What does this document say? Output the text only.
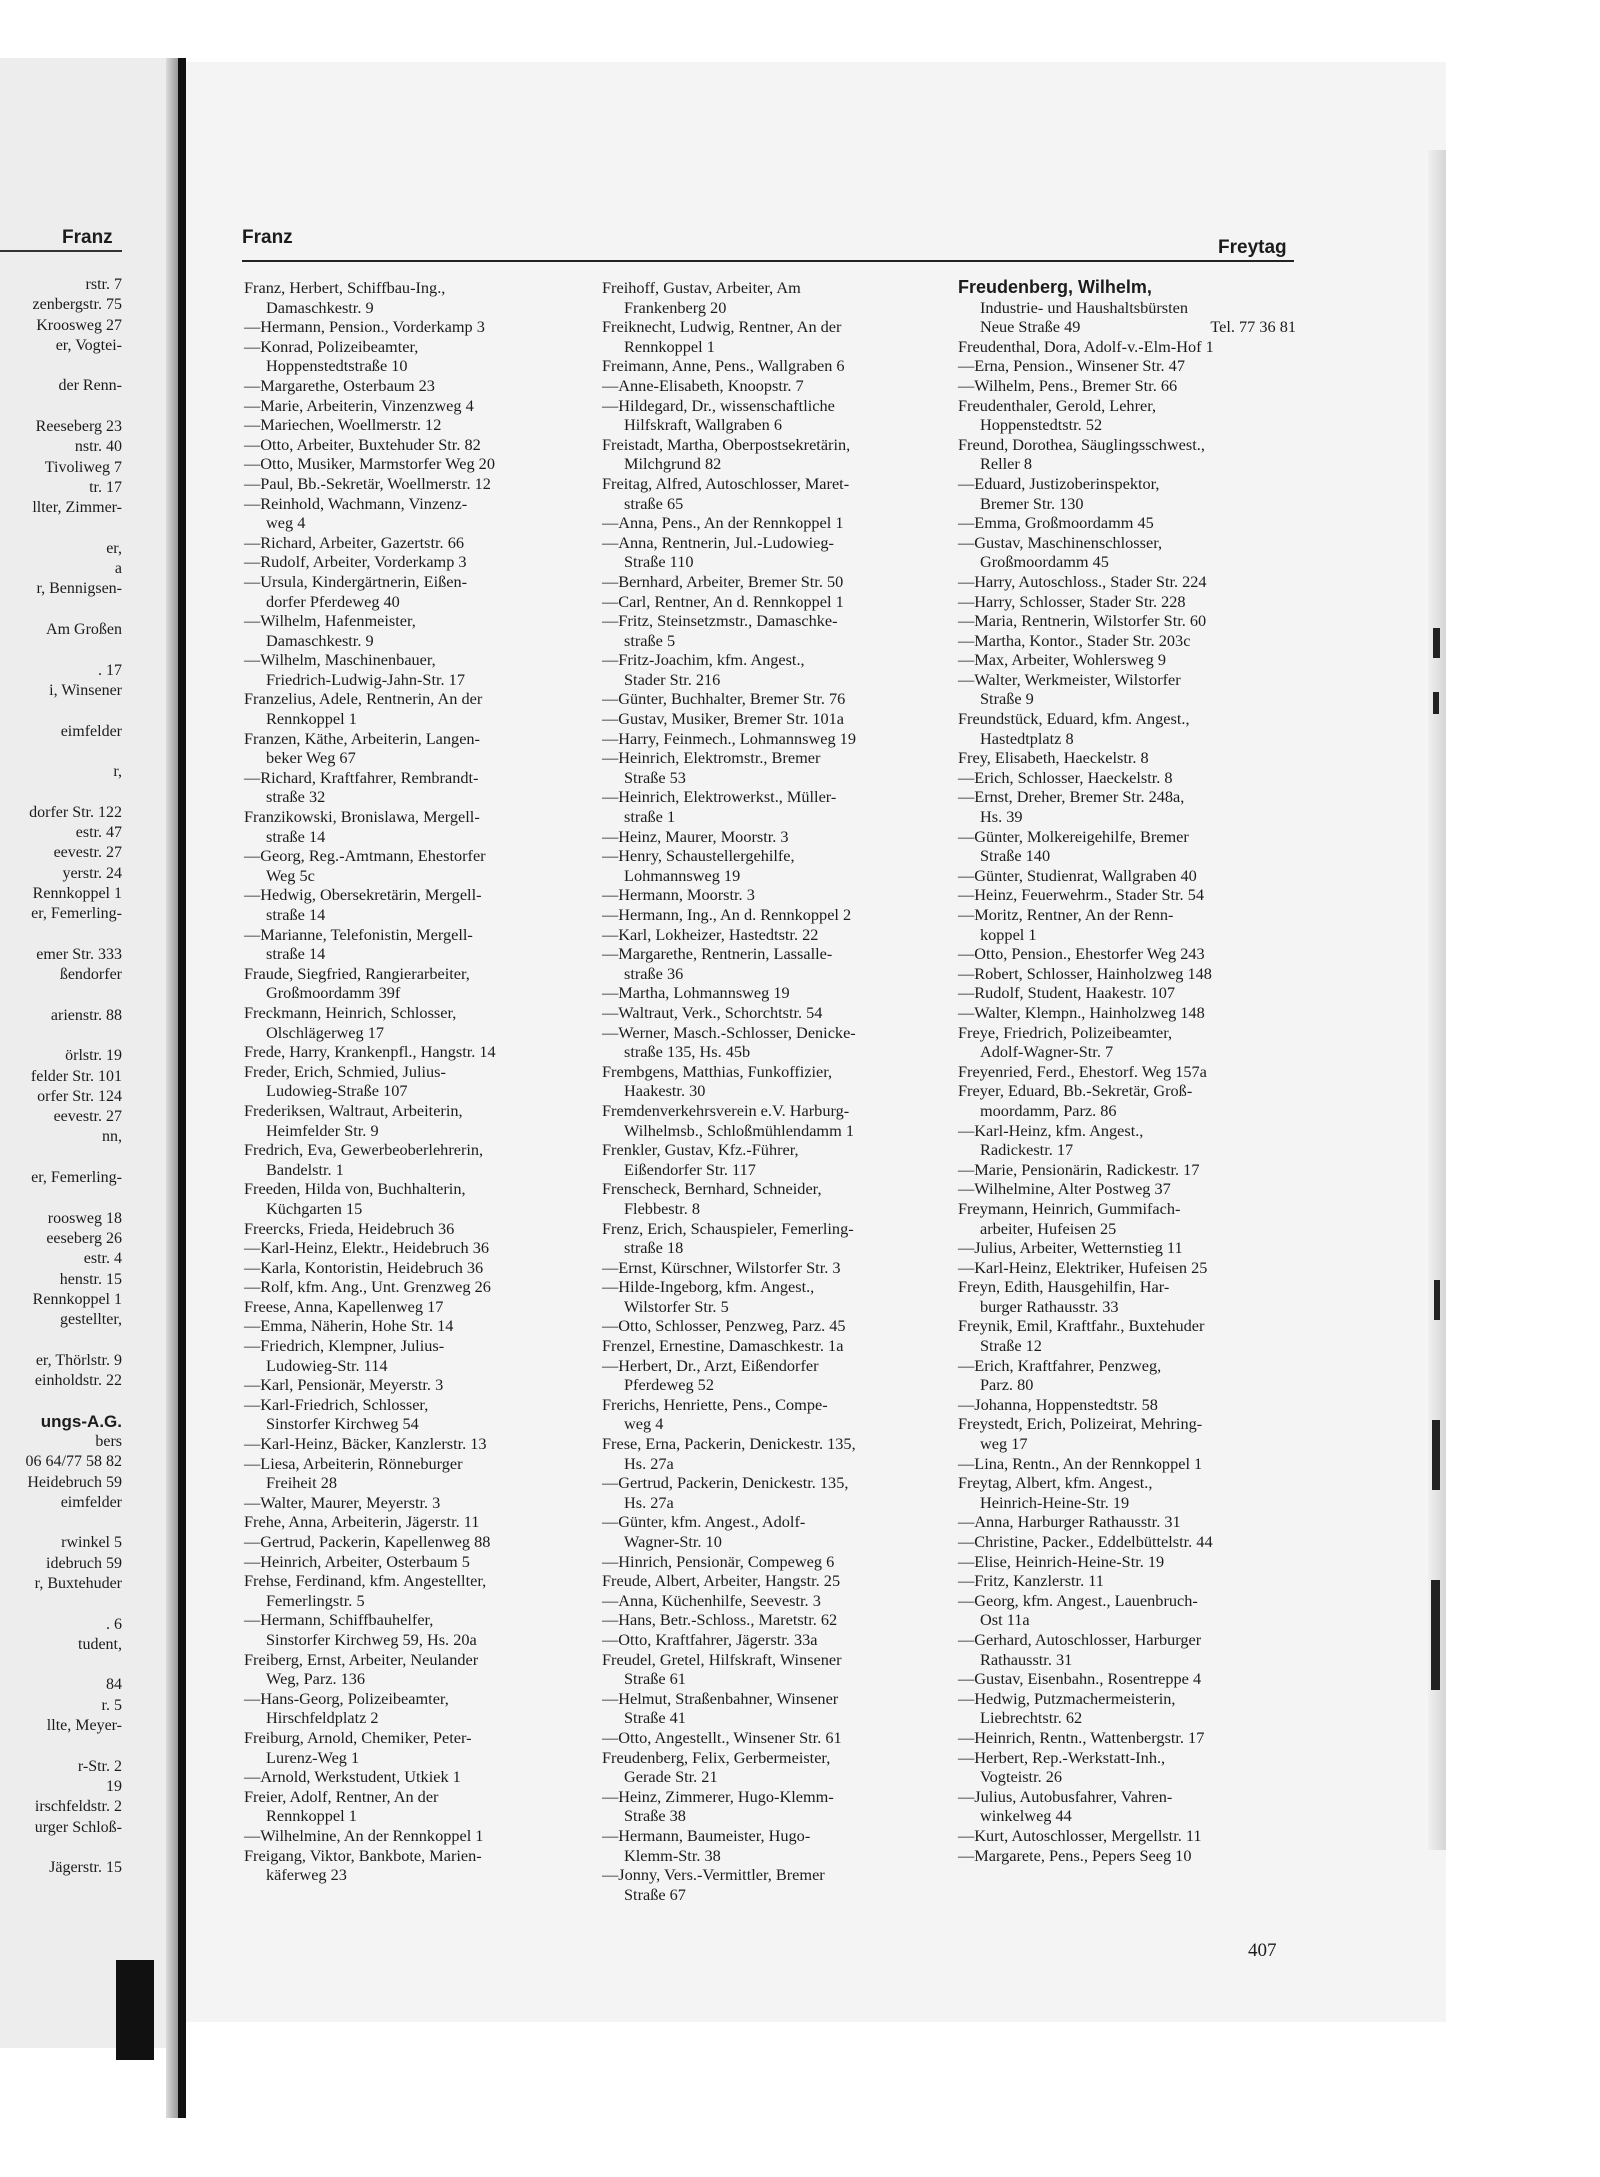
Franz
rstr. 7
zenbergstr. 75
Kroosweg 27
er, Vogtei-

der Renn-

Reeseberg 23
nstr. 40
Tivoliweg 7
tr. 17
llter, Zimmer-

er,
a
r, Bennigsen-

Am Großen

. 17
i, Winsener

eimfelder

r,

dorfer Str. 122
estr. 47
eevestr. 27
yerstr. 24
Rennkoppel 1
er, Femerling-

emer Str. 333
ßendorfer

arienstr. 88

örlstr. 19
felder Str. 101
orfer Str. 124
eevestr. 27
nn,

er, Femerling-

roosweg 18
eeseberg 26
estr. 4
henstr. 15
Rennkoppel 1
gestellter,

er, Thörlstr. 9
einholdstr. 22

ungs-A.G.
bers
06 64/77 58 82
Heidebruch 59
eimfelder

rwinkel 5
idebruch 59
r, Buxtehuder

. 6
tudent,

84
r. 5
llte, Meyer-

r-Str. 2
19
irschfeldstr. 2
urger Schloß-

Jägerstr. 15
Franz	Freytag
Franz, Herbert, Schiffbau-Ing.,
Damaschkestr. 9
—Hermann, Pension., Vorderkamp 3
—Konrad, Polizeibeamter,
Hoppenstedtstraße 10
—Margarethe, Osterbaum 23
—Marie, Arbeiterin, Vinzenzweg 4
—Mariechen, Woellmerstr. 12
—Otto, Arbeiter, Buxtehuder Str. 82
—Otto, Musiker, Marmstorfer Weg 20
—Paul, Bb.-Sekretär, Woellmerstr. 12
—Reinhold, Wachmann, Vinzenz-
weg 4
—Richard, Arbeiter, Gazertstr. 66
—Rudolf, Arbeiter, Vorderkamp 3
—Ursula, Kindergärtnerin, Eißen-
dorfer Pferdeweg 40
—Wilhelm, Hafenmeister,
Damaschkestr. 9
—Wilhelm, Maschinenbauer,
Friedrich-Ludwig-Jahn-Str. 17
Franzelius, Adele, Rentnerin, An der
Rennkoppel 1
Franzen, Käthe, Arbeiterin, Langen-
beker Weg 67
—Richard, Kraftfahrer, Rembrandt-
straße 32
Franzikowski, Bronislawa, Mergell-
straße 14
—Georg, Reg.-Amtmann, Ehestorfer
Weg 5c
—Hedwig, Obersekretärin, Mergell-
straße 14
—Marianne, Telefonistin, Mergell-
straße 14
Fraude, Siegfried, Rangierarbeiter,
Großmoordamm 39f
Freckmann, Heinrich, Schlosser,
Olschlägerweg 17
Frede, Harry, Krankenpfl., Hangstr. 14
Freder, Erich, Schmied, Julius-
Ludowieg-Straße 107
Frederiksen, Waltraut, Arbeiterin,
Heimfelder Str. 9
Fredrich, Eva, Gewerbeoberlehrerin,
Bandelstr. 1
Freeden, Hilda von, Buchhalterin,
Küchgarten 15
Freercks, Frieda, Heidebruch 36
—Karl-Heinz, Elektr., Heidebruch 36
—Karla, Kontoristin, Heidebruch 36
—Rolf, kfm. Ang., Unt. Grenzweg 26
Freese, Anna, Kapellenweg 17
—Emma, Näherin, Hohe Str. 14
—Friedrich, Klempner, Julius-
Ludowieg-Str. 114
—Karl, Pensionär, Meyerstr. 3
—Karl-Friedrich, Schlosser,
Sinstorfer Kirchweg 54
—Karl-Heinz, Bäcker, Kanzlerstr. 13
—Liesa, Arbeiterin, Rönneburger
Freiheit 28
—Walter, Maurer, Meyerstr. 3
Frehe, Anna, Arbeiterin, Jägerstr. 11
—Gertrud, Packerin, Kapellenweg 88
—Heinrich, Arbeiter, Osterbaum 5
Frehse, Ferdinand, kfm. Angestellter,
Femerlingstr. 5
—Hermann, Schiffbauhelfer,
Sinstorfer Kirchweg 59, Hs. 20a
Freiberg, Ernst, Arbeiter, Neulander
Weg, Parz. 136
—Hans-Georg, Polizeibeamter,
Hirschfeldplatz 2
Freiburg, Arnold, Chemiker, Peter-
Lurenz-Weg 1
—Arnold, Werkstudent, Utkiek 1
Freier, Adolf, Rentner, An der
Rennkoppel 1
—Wilhelmine, An der Rennkoppel 1
Freigang, Viktor, Bankbote, Marien-
käferweg 23
Freihoff, Gustav, Arbeiter, Am
Frankenberg 20
Freiknecht, Ludwig, Rentner, An der
Rennkoppel 1
Freimann, Anne, Pens., Wallgraben 6
—Anne-Elisabeth, Knoopstr. 7
—Hildegard, Dr., wissenschaftliche
Hilfskraft, Wallgraben 6
Freistadt, Martha, Oberpostsekretärin,
Milchgrund 82
Freitag, Alfred, Autoschlosser, Maret-
straße 65
—Anna, Pens., An der Rennkoppel 1
—Anna, Rentnerin, Jul.-Ludowieg-
Straße 110
—Bernhard, Arbeiter, Bremer Str. 50
—Carl, Rentner, An d. Rennkoppel 1
—Fritz, Steinsetzmstr., Damaschke-
straße 5
—Fritz-Joachim, kfm. Angest.,
Stader Str. 216
—Günter, Buchhalter, Bremer Str. 76
—Gustav, Musiker, Bremer Str. 101a
—Harry, Feinmech., Lohmannsweg 19
—Heinrich, Elektromstr., Bremer
Straße 53
—Heinrich, Elektrowerkst., Müller-
straße 1
—Heinz, Maurer, Moorstr. 3
—Henry, Schaustellergehilfe,
Lohmannsweg 19
—Hermann, Moorstr. 3
—Hermann, Ing., An d. Rennkoppel 2
—Karl, Lokheizer, Hastedtstr. 22
—Margarethe, Rentnerin, Lassalle-
straße 36
—Martha, Lohmannsweg 19
—Waltraut, Verk., Schorchtstr. 54
—Werner, Masch.-Schlosser, Denicke-
straße 135, Hs. 45b
Frembgens, Matthias, Funkoffizier,
Haakestr. 30
Fremdenverkehrsverein e.V. Harburg-
Wilhelmsb., Schloßmühlendamm 1
Frenkler, Gustav, Kfz.-Führer,
Eißendorfer Str. 117
Frenscheck, Bernhard, Schneider,
Flebbestr. 8
Frenz, Erich, Schauspieler, Femerling-
straße 18
—Ernst, Kürschner, Wilstorfer Str. 3
—Hilde-Ingeborg, kfm. Angest.,
Wilstorfer Str. 5
—Otto, Schlosser, Penzweg, Parz. 45
Frenzel, Ernestine, Damaschkestr. 1a
—Herbert, Dr., Arzt, Eißendorfer
Pferdeweg 52
Frerichs, Henriette, Pens., Compe-
weg 4
Frese, Erna, Packerin, Denickestr. 135,
Hs. 27a
—Gertrud, Packerin, Denickestr. 135,
Hs. 27a
—Günter, kfm. Angest., Adolf-
Wagner-Str. 10
—Hinrich, Pensionär, Compeweg 6
Freude, Albert, Arbeiter, Hangstr. 25
—Anna, Küchenhilfe, Seevestr. 3
—Hans, Betr.-Schloss., Maretstr. 62
—Otto, Kraftfahrer, Jägerstr. 33a
Freudel, Gretel, Hilfskraft, Winsener
Straße 61
—Helmut, Straßenbahner, Winsener
Straße 41
—Otto, Angestellt., Winsener Str. 61
Freudenberg, Felix, Gerbermeister,
Gerade Str. 21
—Heinz, Zimmerer, Hugo-Klemm-
Straße 38
—Hermann, Baumeister, Hugo-
Klemm-Str. 38
—Jonny, Vers.-Vermittler, Bremer
Straße 67
Freudenberg, Wilhelm,
Industrie- und Haushaltsbürsten
Neue Straße 49	Tel. 77 36 81
Freudenthal, Dora, Adolf-v.-Elm-Hof 1
—Erna, Pension., Winsener Str. 47
—Wilhelm, Pens., Bremer Str. 66
Freudenthaler, Gerold, Lehrer,
Hoppenstedtstr. 52
Freund, Dorothea, Säuglingsschwest.,
Reller 8
—Eduard, Justizoberinspektor,
Bremer Str. 130
—Emma, Großmoordamm 45
—Gustav, Maschinenschlosser,
Großmoordamm 45
—Harry, Autoschloss., Stader Str. 224
—Harry, Schlosser, Stader Str. 228
—Maria, Rentnerin, Wilstorfer Str. 60
—Martha, Kontor., Stader Str. 203c
—Max, Arbeiter, Wohlersweg 9
—Walter, Werkmeister, Wilstorfer
Straße 9
Freundstück, Eduard, kfm. Angest.,
Hastedtplatz 8
Frey, Elisabeth, Haeckelstr. 8
—Erich, Schlosser, Haeckelstr. 8
—Ernst, Dreher, Bremer Str. 248a,
Hs. 39
—Günter, Molkereigehilfe, Bremer
Straße 140
—Günter, Studienrat, Wallgraben 40
—Heinz, Feuerwehrm., Stader Str. 54
—Moritz, Rentner, An der Renn-
koppel 1
—Otto, Pension., Ehestorfer Weg 243
—Robert, Schlosser, Hainholzweg 148
—Rudolf, Student, Haakestr. 107
—Walter, Klempn., Hainholzweg 148
Freye, Friedrich, Polizeibeamter,
Adolf-Wagner-Str. 7
Freyenried, Ferd., Ehestorf. Weg 157a
Freyer, Eduard, Bb.-Sekretär, Groß-
moordamm, Parz. 86
—Karl-Heinz, kfm. Angest.,
Radickestr. 17
—Marie, Pensionärin, Radickestr. 17
—Wilhelmine, Alter Postweg 37
Freymann, Heinrich, Gummifach-
arbeiter, Hufeisen 25
—Julius, Arbeiter, Wetternstieg 11
—Karl-Heinz, Elektriker, Hufeisen 25
Freyn, Edith, Hausgehilfin, Har-
burger Rathausstr. 33
Freynik, Emil, Kraftfahr., Buxtehuder
Straße 12
—Erich, Kraftfahrer, Penzweg,
Parz. 80
—Johanna, Hoppenstedtstr. 58
Freystedt, Erich, Polizeirat, Mehring-
weg 17
—Lina, Rentn., An der Rennkoppel 1
Freytag, Albert, kfm. Angest.,
Heinrich-Heine-Str. 19
—Anna, Harburger Rathausstr. 31
—Christine, Packer., Eddelbüttelstr. 44
—Elise, Heinrich-Heine-Str. 19
—Fritz, Kanzlerstr. 11
—Georg, kfm. Angest., Lauenbruch-
Ost 11a
—Gerhard, Autoschlosser, Harburger
Rathausstr. 31
—Gustav, Eisenbahn., Rosentreppe 4
—Hedwig, Putzmachermeisterin,
Liebrechtstr. 62
—Heinrich, Rentn., Wattenbergstr. 17
—Herbert, Rep.-Werkstatt-Inh.,
Vogteistr. 26
—Julius, Autobusfahrer, Vahren-
winkelweg 44
—Kurt, Autoschlosser, Mergellstr. 11
—Margarete, Pens., Pepers Seeg 10
407
